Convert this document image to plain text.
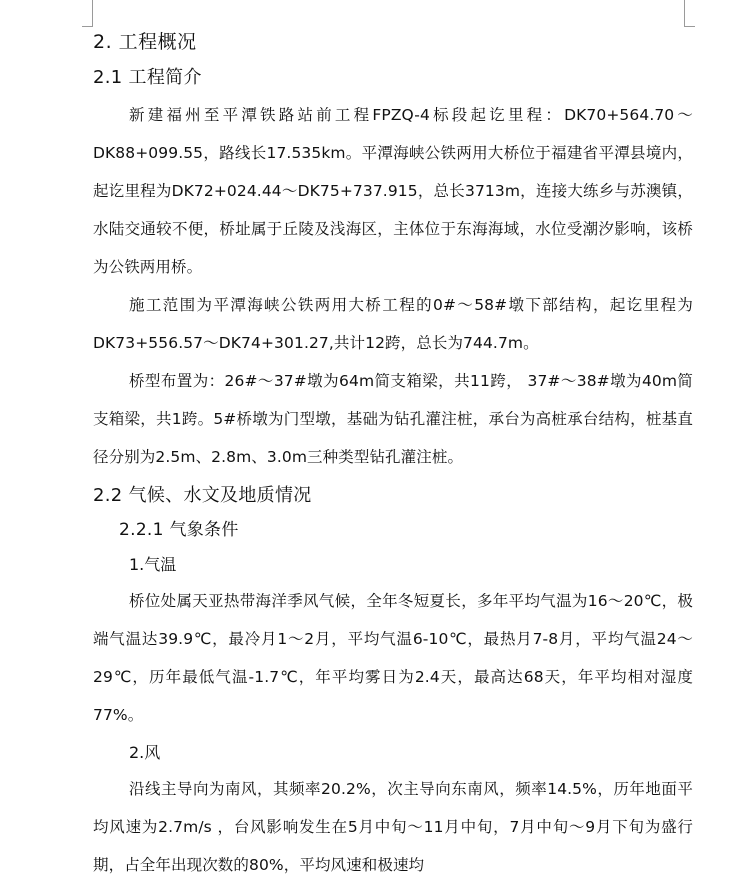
2. 工程概况
2.1 工程简介

新建福州至平潭铁路站前工程FPZQ-4标段起讫里程：DK70+564.70～DK88+099.55，路线长17.535km。平潭海峡公铁两用大桥位于福建省平潭县境内，起讫里程为DK72+024.44～DK75+737.915，总长3713m，连接大练乡与苏澳镇，水陆交通较不便，桥址属于丘陵及浅海区，主体位于东海海域，水位受潮汐影响，该桥为公铁两用桥。

施工范围为平潭海峡公铁两用大桥工程的0#～58#墩下部结构，起讫里程为DK73+556.57～DK74+301.27,共计12跨，总长为744.7m。

桥型布置为：26#～37#墩为64m简支箱梁，共11跨， 37#～38#墩为40m简支箱梁，共1跨。5#桥墩为门型墩，基础为钻孔灌注桩，承台为高桩承台结构，桩基直径分别为2.5m、2.8m、3.0m三种类型钻孔灌注桩。

2.2 气候、水文及地质情况
2.2.1 气象条件
1.气温

桥位处属天亚热带海洋季风气候，全年冬短夏长，多年平均气温为16～20℃，极端气温达39.9℃，最冷月1～2月，平均气温6-10℃，最热月7-8月，平均气温24～29℃，历年最低气温-1.7℃，年平均雾日为2.4天，最高达68天，年平均相对湿度77%。

2.风

沿线主导向为南风，其频率20.2%，次主导向东南风，频率14.5%，历年地面平均风速为2.7m/s ，台风影响发生在5月中旬～11月中旬，7月中旬～9月下旬为盛行期，占全年出现次数的80%，平均风速和极速均
